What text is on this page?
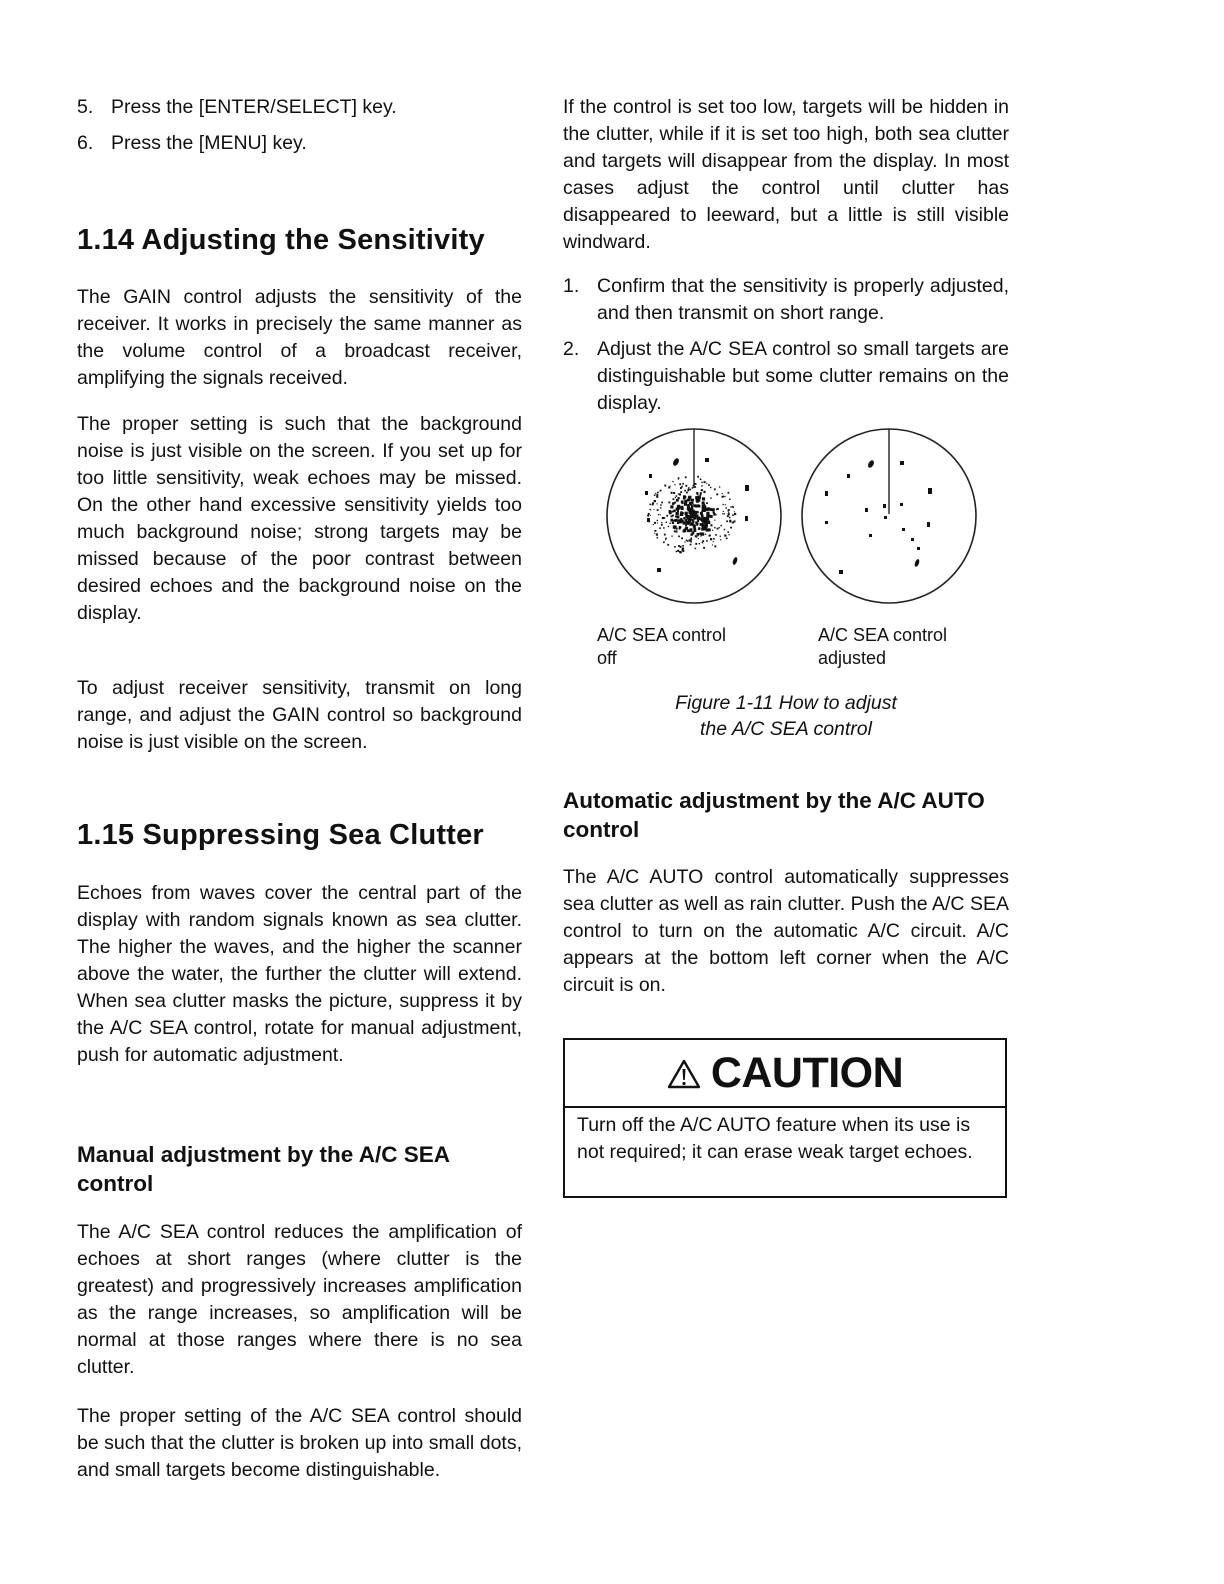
5. Press the [ENTER/SELECT] key.
6. Press the [MENU] key.
1.14 Adjusting the Sensitivity

The GAIN control adjusts the sensitivity of the receiver. It works in precisely the same manner as the volume control of a broadcast receiver, amplifying the signals received.

The proper setting is such that the background noise is just visible on the screen. If you set up for too little sensitivity, weak echoes may be missed. On the other hand excessive sensitivity yields too much background noise; strong targets may be missed because of the poor contrast between desired echoes and the background noise on the display.

To adjust receiver sensitivity, transmit on long range, and adjust the GAIN control so background noise is just visible on the screen.

1.15 Suppressing Sea Clutter

Echoes from waves cover the central part of the display with random signals known as sea clutter. The higher the waves, and the higher the scanner above the water, the further the clutter will extend. When sea clutter masks the picture, suppress it by the A/C SEA control, rotate for manual adjustment, push for automatic adjustment.

Manual adjustment by the A/C SEA control

The A/C SEA control reduces the amplification of echoes at short ranges (where clutter is the greatest) and progressively increases amplification as the range increases, so amplification will be normal at those ranges where there is no sea clutter.

The proper setting of the A/C SEA control should be such that the clutter is broken up into small dots, and small targets become distinguishable.

If the control is set too low, targets will be hidden in the clutter, while if it is set too high, both sea clutter and targets will disappear from the display. In most cases adjust the control until clutter has disappeared to leeward, but a little is still visible windward.

1. Confirm that the sensitivity is properly adjusted, and then transmit on short range.
2. Adjust the A/C SEA control so small targets are distinguishable but some clutter remains on the display.
A/C SEA control
off
A/C SEA control
adjusted
Figure 1-11 How to adjust
the A/C SEA control
Automatic adjustment by the A/C AUTO control

The A/C AUTO control automatically suppresses sea clutter as well as rain clutter. Push the A/C SEA control to turn on the automatic A/C circuit. A/C appears at the bottom left corner when the A/C circuit is on.

CAUTION
Turn off the A/C AUTO feature when its use is not required; it can erase weak target echoes.
